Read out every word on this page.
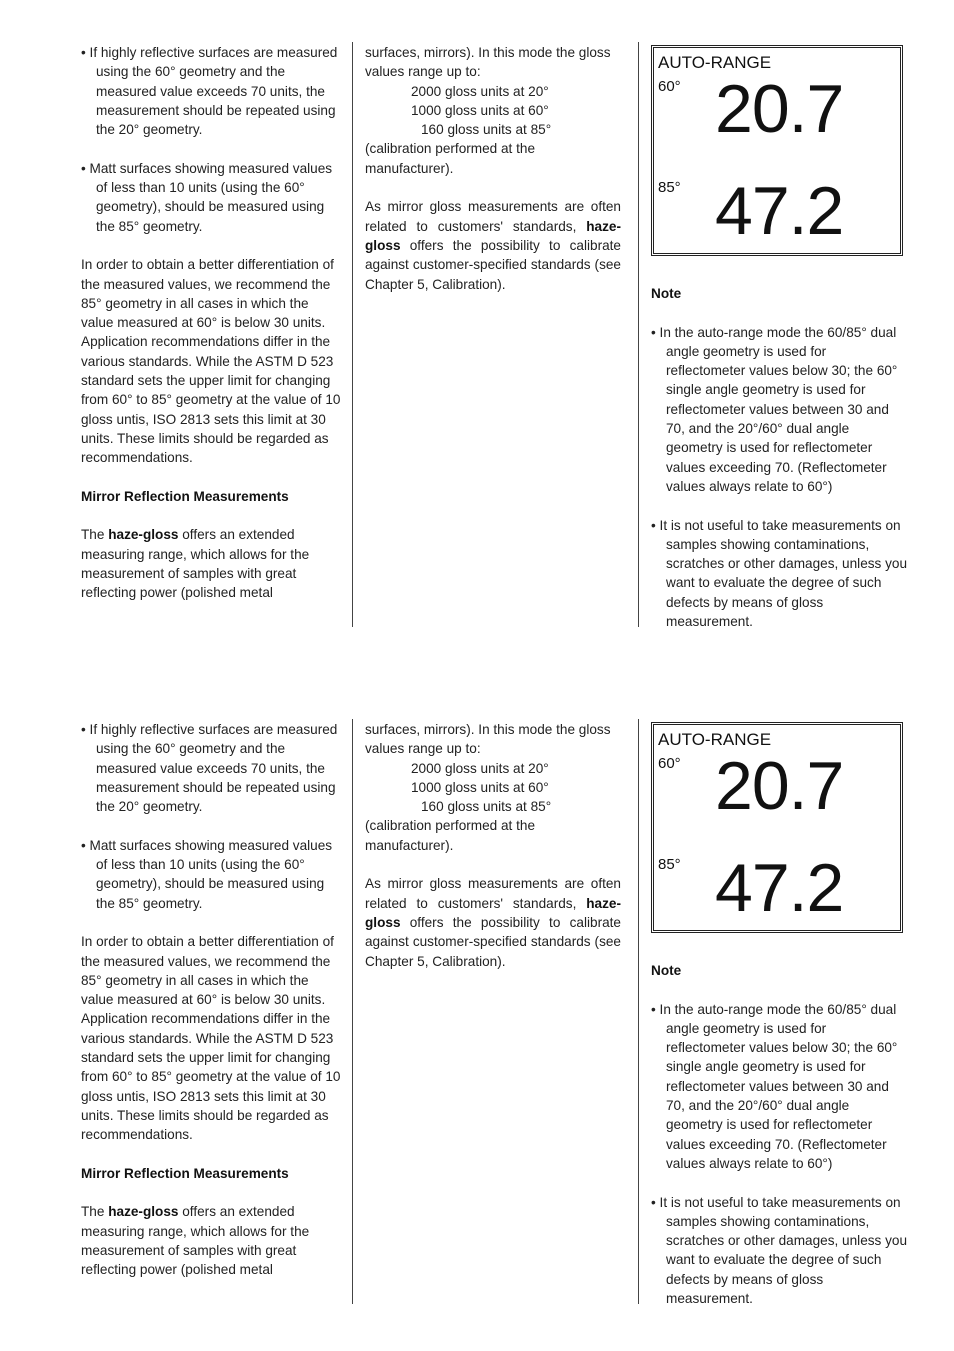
• If highly reflective surfaces are measured using the 60° geometry and the measured value exceeds 70 units, the measurement should be repeated using the 20° geometry.

• Matt surfaces showing measured values of less than 10 units (using the 60° geometry), should be measured using the 85° geometry.

In order to obtain a better differentiation of the measured values, we recommend the 85° geometry in all cases in which the value measured at 60° is below 30 units. Application recommendations differ in the various standards. While the ASTM D 523 standard sets the upper limit for changing from 60° to 85° geometry at the value of 10 gloss untis, ISO 2813 sets this limit at 30 units. These limits should be regarded as recommendations.

Mirror Reflection Measurements

The haze-gloss offers an extended measuring range, which allows for the measurement of samples with great reflecting power (polished metal

surfaces, mirrors). In this mode the gloss values range up to:

2000 gloss units at 20°

1000 gloss units at 60°

160 gloss units at 85°

(calibration performed at the manufacturer).

As mirror gloss measurements are often related to customers' standards, haze-gloss offers the possibility to calibrate against customer-specified standards (see Chapter 5, Calibration).

AUTO-RANGE
60° 20.7
85° 47.2

Note

• In the auto-range mode the 60/85° dual angle geometry is used for reflectometer values below 30; the 60° single angle geometry is used for reflectometer values between 30 and 70, and the 20°/60° dual angle geometry is used for reflectometer values exceeding 70. (Reflectometer values always relate to 60°)

• It is not useful to take measurements on samples showing contaminations, scratches or other damages, unless you want to evaluate the degree of such defects by means of gloss measurement.

• If highly reflective surfaces are measured using the 60° geometry and the measured value exceeds 70 units, the measurement should be repeated using the 20° geometry.

• Matt surfaces showing measured values of less than 10 units (using the 60° geometry), should be measured using the 85° geometry.

In order to obtain a better differentiation of the measured values, we recommend the 85° geometry in all cases in which the value measured at 60° is below 30 units. Application recommendations differ in the various standards. While the ASTM D 523 standard sets the upper limit for changing from 60° to 85° geometry at the value of 10 gloss untis, ISO 2813 sets this limit at 30 units. These limits should be regarded as recommendations.

Mirror Reflection Measurements

The haze-gloss offers an extended measuring range, which allows for the measurement of samples with great reflecting power (polished metal

surfaces, mirrors). In this mode the gloss values range up to:

2000 gloss units at 20°

1000 gloss units at 60°

160 gloss units at 85°

(calibration performed at the manufacturer).

As mirror gloss measurements are often related to customers' standards, haze-gloss offers the possibility to calibrate against customer-specified standards (see Chapter 5, Calibration).

AUTO-RANGE
60° 20.7
85° 47.2

Note

• In the auto-range mode the 60/85° dual angle geometry is used for reflectometer values below 30; the 60° single angle geometry is used for reflectometer values between 30 and 70, and the 20°/60° dual angle geometry is used for reflectometer values exceeding 70. (Reflectometer values always relate to 60°)

• It is not useful to take measurements on samples showing contaminations, scratches or other damages, unless you want to evaluate the degree of such defects by means of gloss measurement.
